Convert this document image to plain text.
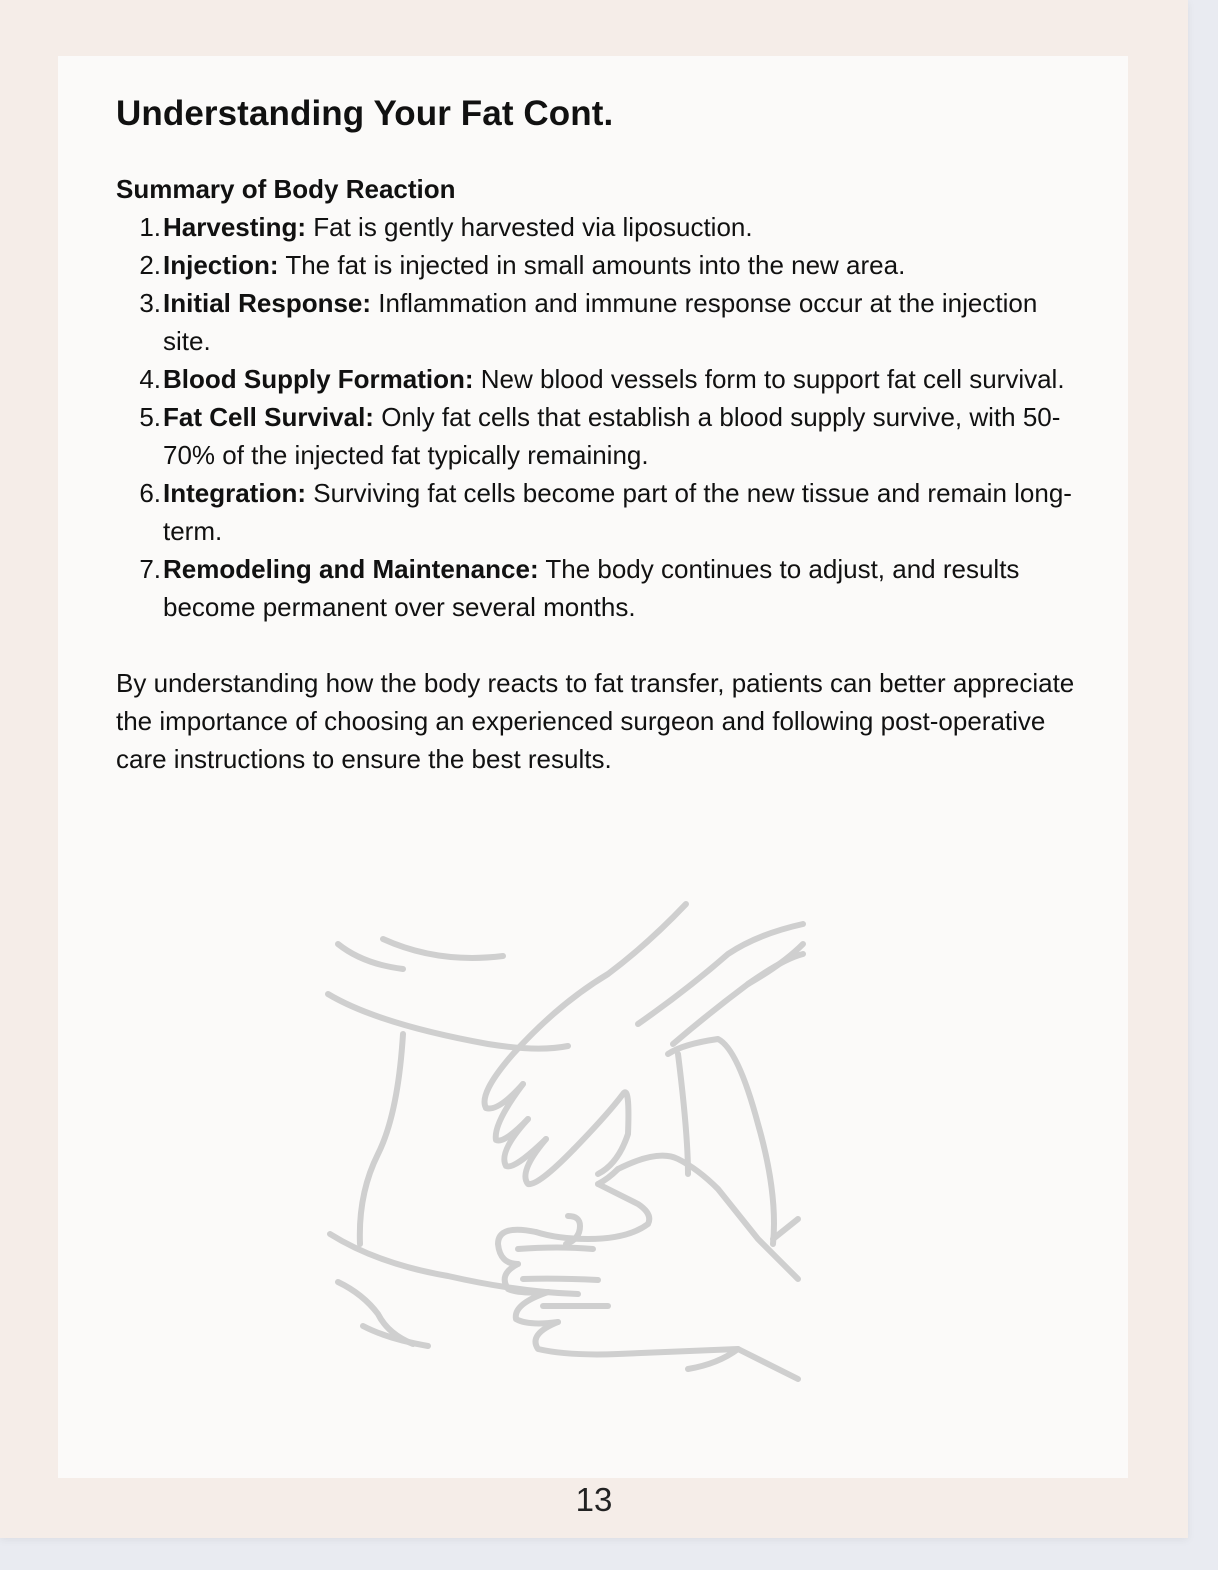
Understanding Your Fat Cont.
Summary of Body Reaction
1. Harvesting: Fat is gently harvested via liposuction.
2. Injection: The fat is injected in small amounts into the new area.
3. Initial Response: Inflammation and immune response occur at the injection site.
4. Blood Supply Formation: New blood vessels form to support fat cell survival.
5. Fat Cell Survival: Only fat cells that establish a blood supply survive, with 50-70% of the injected fat typically remaining.
6. Integration: Surviving fat cells become part of the new tissue and remain long-term.
7. Remodeling and Maintenance: The body continues to adjust, and results become permanent over several months.

By understanding how the body reacts to fat transfer, patients can better appreciate the importance of choosing an experienced surgeon and following post-operative care instructions to ensure the best results.

13
